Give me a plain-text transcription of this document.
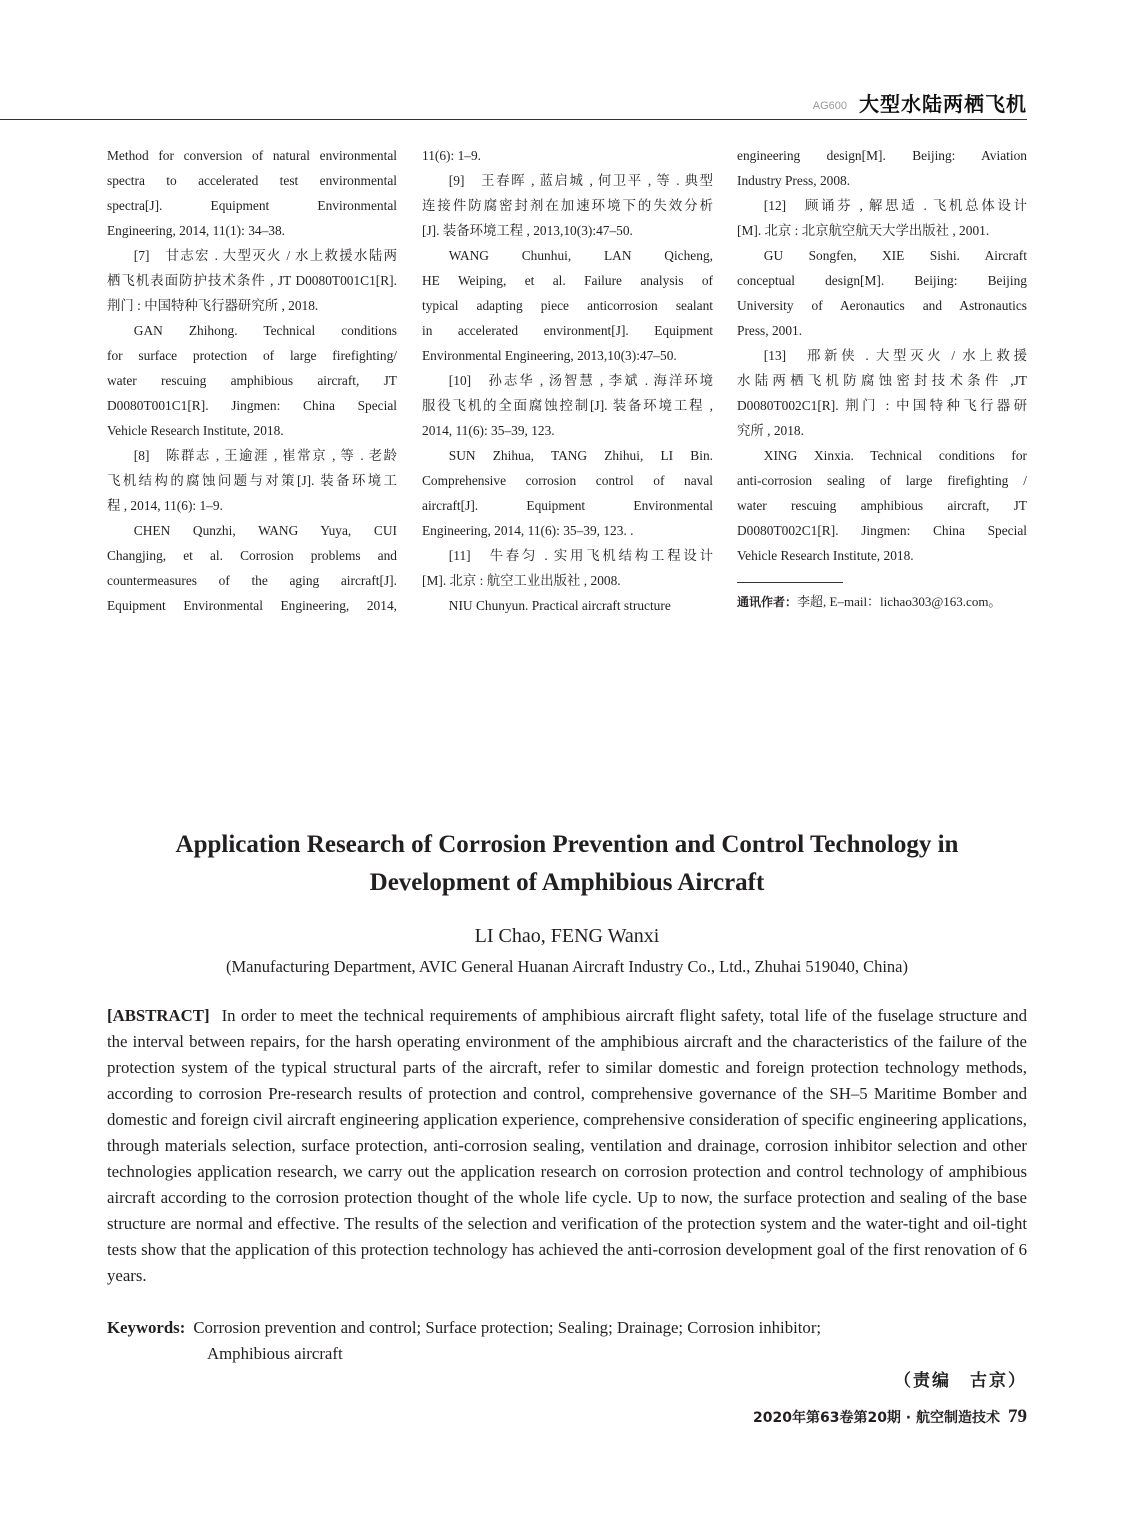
AG600 大型水陆两栖飞机

Method for conversion of natural environmental

spectra to accelerated test environmental

spectra[J]. Equipment Environmental

Engineering, 2014, 11(1): 34–38.

[7]　甘志宏 . 大型灭火 / 水上救援水陆两

栖飞机表面防护技术条件 , JT D0080T001C1[R].

荆门 : 中国特种飞行器研究所 , 2018.

GAN Zhihong. Technical conditions

for surface protection of large firefighting/

water rescuing amphibious aircraft, JT

D0080T001C1[R]. Jingmen: China Special

Vehicle Research Institute, 2018.

[8]　陈群志 , 王逾涯 , 崔常京 , 等 . 老龄

飞机结构的腐蚀问题与对策[J]. 装备环境工

程 , 2014, 11(6): 1–9.

CHEN Qunzhi, WANG Yuya, CUI

Changjing, et al. Corrosion problems and

countermeasures of the aging aircraft[J].

Equipment Environmental Engineering, 2014,

11(6): 1–9.

[9]　王春晖 , 蓝启城 , 何卫平 , 等 . 典型

连接件防腐密封剂在加速环境下的失效分析

[J]. 装备环境工程 , 2013,10(3):47–50.

WANG Chunhui, LAN Qicheng,

HE Weiping, et al. Failure analysis of

typical adapting piece anticorrosion sealant

in accelerated environment[J]. Equipment

Environmental Engineering, 2013,10(3):47–50.

[10]　孙志华 , 汤智慧 , 李斌 . 海洋环境

服役飞机的全面腐蚀控制[J]. 装备环境工程 ,

2014, 11(6): 35–39, 123.

SUN Zhihua, TANG Zhihui, LI Bin.

Comprehensive corrosion control of naval

aircraft[J]. Equipment Environmental

Engineering, 2014, 11(6): 35–39, 123. .

[11]　牛春匀 . 实用飞机结构工程设计

[M]. 北京 : 航空工业出版社 , 2008.

NIU Chunyun. Practical aircraft structure

engineering design[M]. Beijing: Aviation

Industry Press, 2008.

[12]　顾诵芬 , 解思适 . 飞机总体设计

[M]. 北京 : 北京航空航天大学出版社 , 2001.

GU Songfen, XIE Sishi. Aircraft

conceptual design[M]. Beijing: Beijing

University of Aeronautics and Astronautics

Press, 2001.

[13]　邢新侠 . 大型灭火 / 水上救援

水陆两栖飞机防腐蚀密封技术条件 ,JT

D0080T002C1[R]. 荆门 : 中国特种飞行器研

究所 , 2018.

XING Xinxia. Technical conditions for

anti-corrosion sealing of large firefighting /

water rescuing amphibious aircraft, JT

D0080T002C1[R]. Jingmen: China Special

Vehicle Research Institute, 2018.

通讯作者：李超, E–mail：lichao303@163.com。

Application Research of Corrosion Prevention and Control Technology in
Development of Amphibious Aircraft
LI Chao, FENG Wanxi
(Manufacturing Department, AVIC General Huanan Aircraft Industry Co., Ltd., Zhuhai 519040, China)

[ABSTRACT] In order to meet the technical requirements of amphibious aircraft flight safety, total life of the fuselage structure and the interval between repairs, for the harsh operating environment of the amphibious aircraft and the characteristics of the failure of the protection system of the typical structural parts of the aircraft, refer to similar domestic and foreign protection technology methods, according to corrosion Pre-research results of protection and control, comprehensive governance of the SH–5 Maritime Bomber and domestic and foreign civil aircraft engineering application experience, comprehensive consideration of specific engineering applications, through materials selection, surface protection, anti-corrosion sealing, ventilation and drainage, corrosion inhibitor selection and other technologies application research, we carry out the application research on corrosion protection and control technology of amphibious aircraft according to the corrosion protection thought of the whole life cycle. Up to now, the surface protection and sealing of the base structure are normal and effective. The results of the selection and verification of the protection system and the water-tight and oil-tight tests show that the application of this protection technology has achieved the anti-corrosion development goal of the first renovation of 6 years.

Keywords: Corrosion prevention and control; Surface protection; Sealing; Drainage; Corrosion inhibitor;
Amphibious aircraft
（责编　古京）
2020年第63卷第20期 · 航空制造技术 79
